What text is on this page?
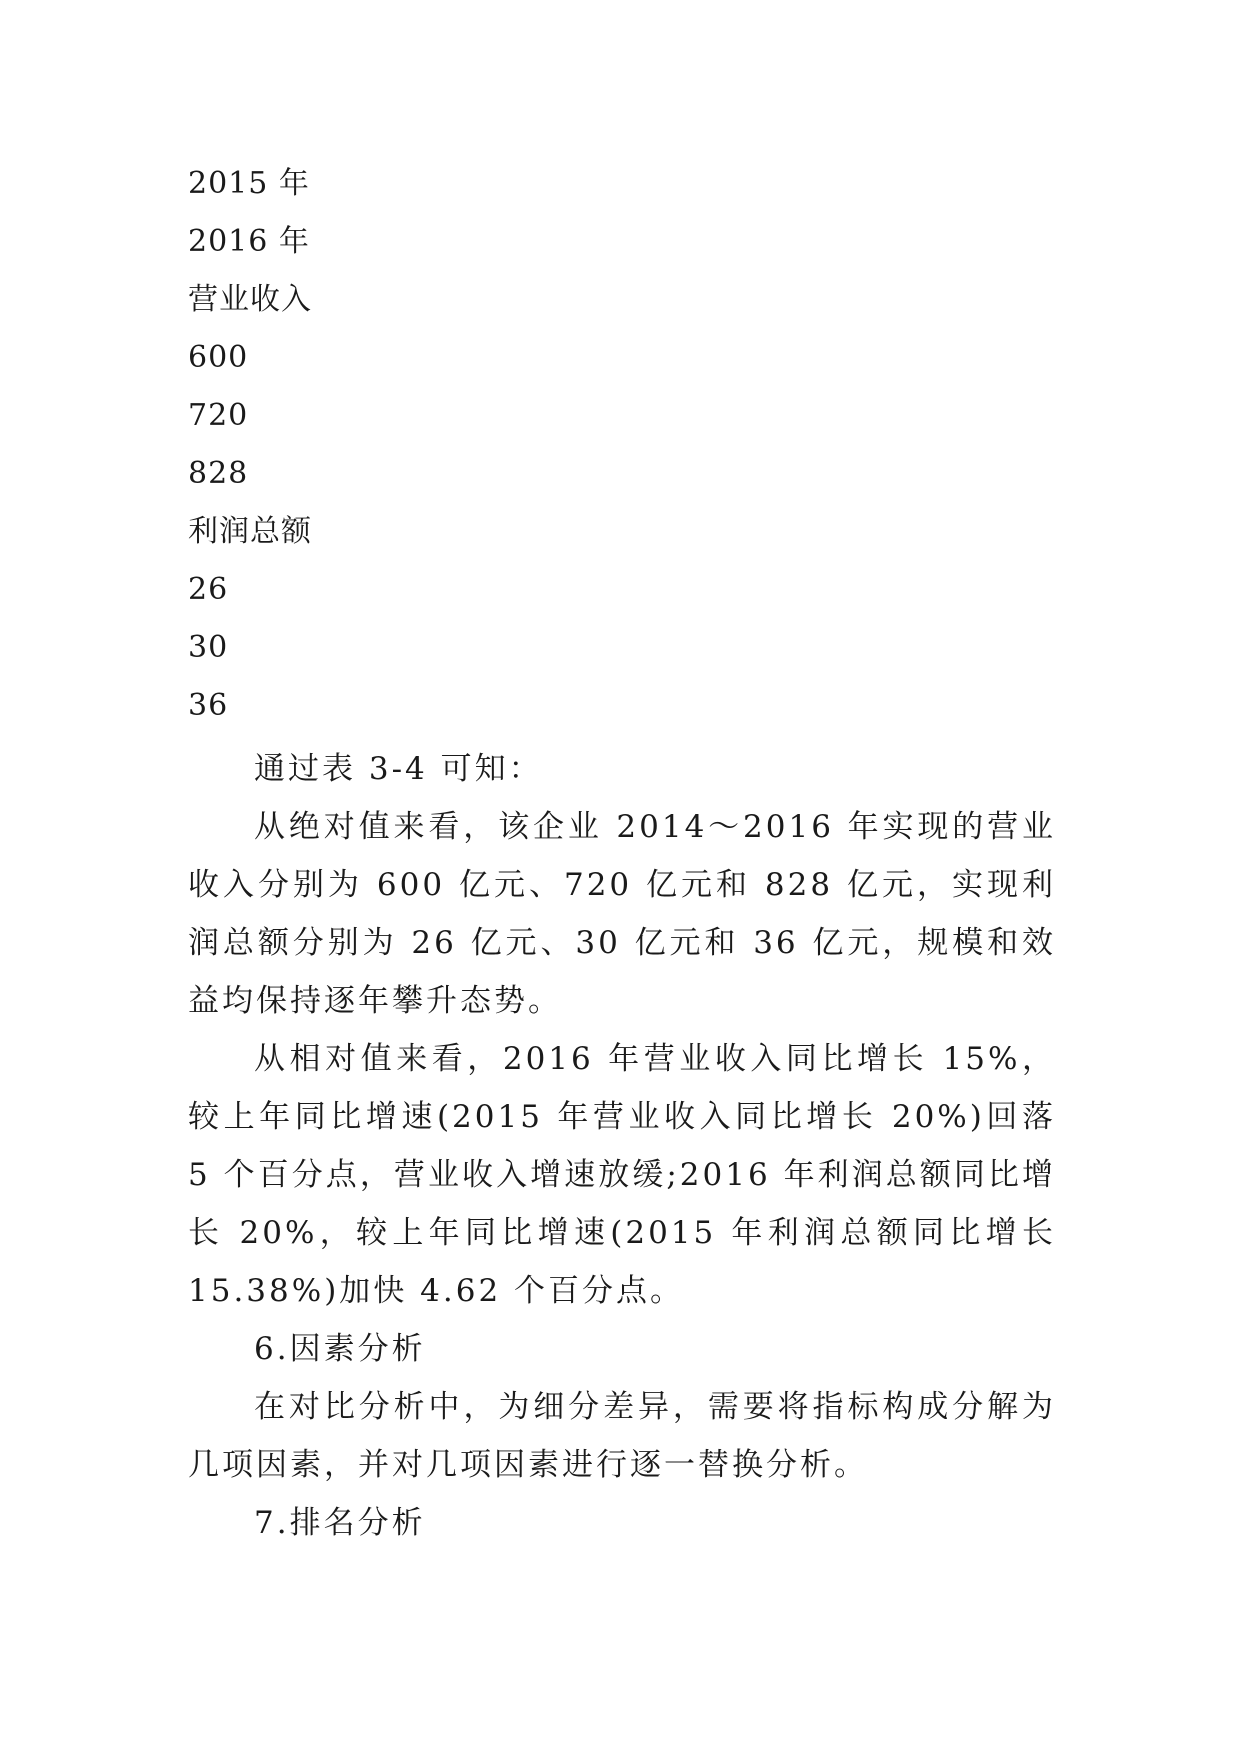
2015 年
2016 年
营业收入
600
720
828
利润总额
26
30
36

通过表 3-4 可知：

从绝对值来看，该企业 2014～2016 年实现的营业收入分别为 600 亿元、720 亿元和 828 亿元，实现利润总额分别为 26 亿元、30 亿元和 36 亿元，规模和效益均保持逐年攀升态势。

从相对值来看，2016 年营业收入同比增长 15%，较上年同比增速(2015 年营业收入同比增长 20%)回落 5 个百分点，营业收入增速放缓;2016 年利润总额同比增长 20%，较上年同比增速(2015 年利润总额同比增长 15.38%)加快 4.62 个百分点。

6.因素分析

在对比分析中，为细分差异，需要将指标构成分解为几项因素，并对几项因素进行逐一替换分析。

7.排名分析
